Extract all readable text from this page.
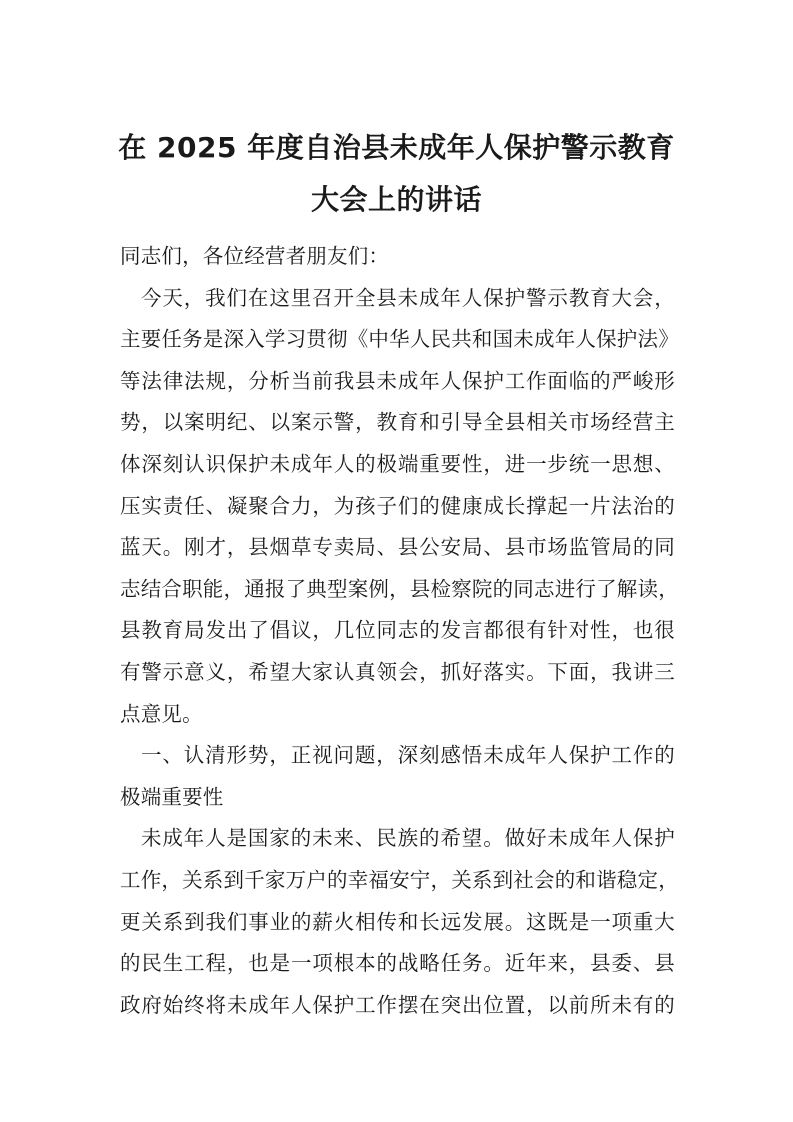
在 2025 年度自治县未成年人保护警示教育
大会上的讲话
同志们，各位经营者朋友们：
今天，我们在这里召开全县未成年人保护警示教育大会，
主要任务是深入学习贯彻《中华人民共和国未成年人保护法》
等法律法规，分析当前我县未成年人保护工作面临的严峻形
势，以案明纪、以案示警，教育和引导全县相关市场经营主
体深刻认识保护未成年人的极端重要性，进一步统一思想、
压实责任、凝聚合力，为孩子们的健康成长撑起一片法治的
蓝天。刚才，县烟草专卖局、县公安局、县市场监管局的同
志结合职能，通报了典型案例，县检察院的同志进行了解读，
县教育局发出了倡议，几位同志的发言都很有针对性，也很
有警示意义，希望大家认真领会，抓好落实。下面，我讲三
点意见。
一、认清形势，正视问题，深刻感悟未成年人保护工作的
极端重要性
未成年人是国家的未来、民族的希望。做好未成年人保护
工作，关系到千家万户的幸福安宁，关系到社会的和谐稳定，
更关系到我们事业的薪火相传和长远发展。这既是一项重大
的民生工程，也是一项根本的战略任务。近年来，县委、县
政府始终将未成年人保护工作摆在突出位置，以前所未有的
